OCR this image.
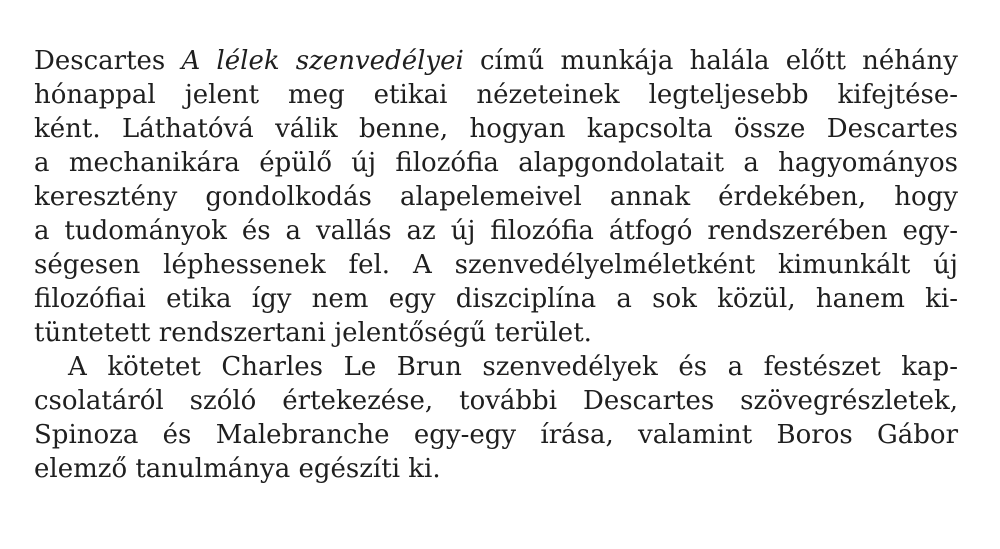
Descartes A lélek szenvedélyei című munkája halála előtt néhány
hónappal jelent meg etikai nézeteinek legteljesebb kifejtése-
ként. Láthatóvá válik benne, hogyan kapcsolta össze Descartes
a mechanikára épülő új filozófia alapgondolatait a hagyományos
keresztény gondolkodás alapelemeivel annak érdekében, hogy
a tudományok és a vallás az új filozófia átfogó rendszerében egy-
ségesen léphessenek fel. A szenvedélyelméletként kimunkált új
filozófiai etika így nem egy diszciplína a sok közül, hanem ki-
tüntetett rendszertani jelentőségű terület.
A kötetet Charles Le Brun szenvedélyek és a festészet kap-
csolatáról szóló értekezése, további Descartes szövegrészletek,
Spinoza és Malebranche egy-egy írása, valamint Boros Gábor
elemző tanulmánya egészíti ki.
